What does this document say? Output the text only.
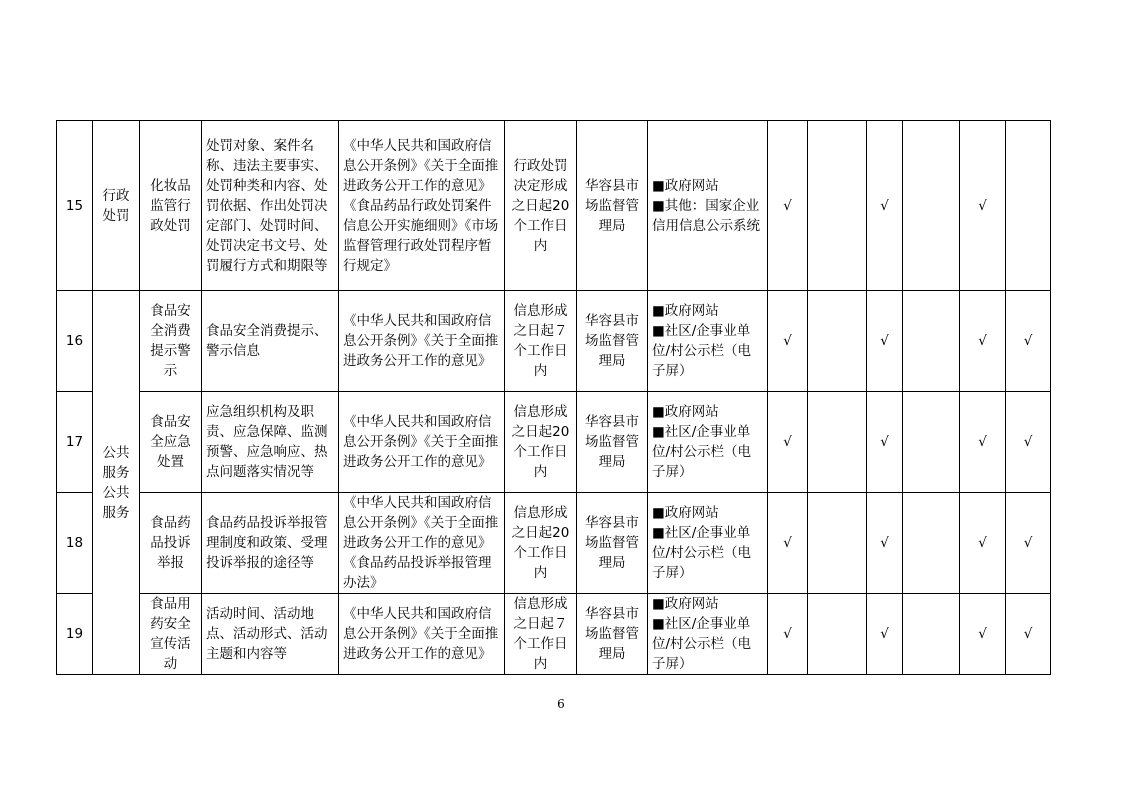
15	行政处罚	化妆品监管行政处罚	处罚对象、案件名称、违法主要事实、处罚种类和内容、处罚依据、作出处罚决定部门、处罚时间、处罚决定书文号、处罚履行方式和期限等	《中华人民共和国政府信息公开条例》《关于全面推进政务公开工作的意见》《食品药品行政处罚案件信息公开实施细则》《市场监督管理行政处罚程序暂行规定》	行政处罚决定形成之日起20个工作日内	华容县市场监督管理局	■政府网站
■其他：国家企业信用信息公示系统	√		√		√	
16	公共服务公共服务	食品安全消费提示警示	食品安全消费提示、警示信息	《中华人民共和国政府信息公开条例》《关于全面推进政务公开工作的意见》	信息形成之日起７个工作日内	华容县市场监督管理局	■政府网站
■社区/企事业单位/村公示栏（电子屏）	√		√		√	√
17		食品安全应急处置	应急组织机构及职责、应急保障、监测预警、应急响应、热点问题落实情况等	《中华人民共和国政府信息公开条例》《关于全面推进政务公开工作的意见》	信息形成之日起20个工作日内	华容县市场监督管理局	■政府网站
■社区/企事业单位/村公示栏（电子屏）	√		√		√	√
18		食品药品投诉举报	食品药品投诉举报管理制度和政策、受理投诉举报的途径等	《中华人民共和国政府信息公开条例》《关于全面推进政务公开工作的意见》《食品药品投诉举报管理办法》	信息形成之日起20个工作日内	华容县市场监督管理局	■政府网站
■社区/企事业单位/村公示栏（电子屏）	√		√		√	√
19		食品用药安全宣传活动	活动时间、活动地点、活动形式、活动主题和内容等	《中华人民共和国政府信息公开条例》《关于全面推进政务公开工作的意见》	信息形成之日起７个工作日内	华容县市场监督管理局	■政府网站
■社区/企事业单位/村公示栏（电子屏）	√		√		√	√
6
